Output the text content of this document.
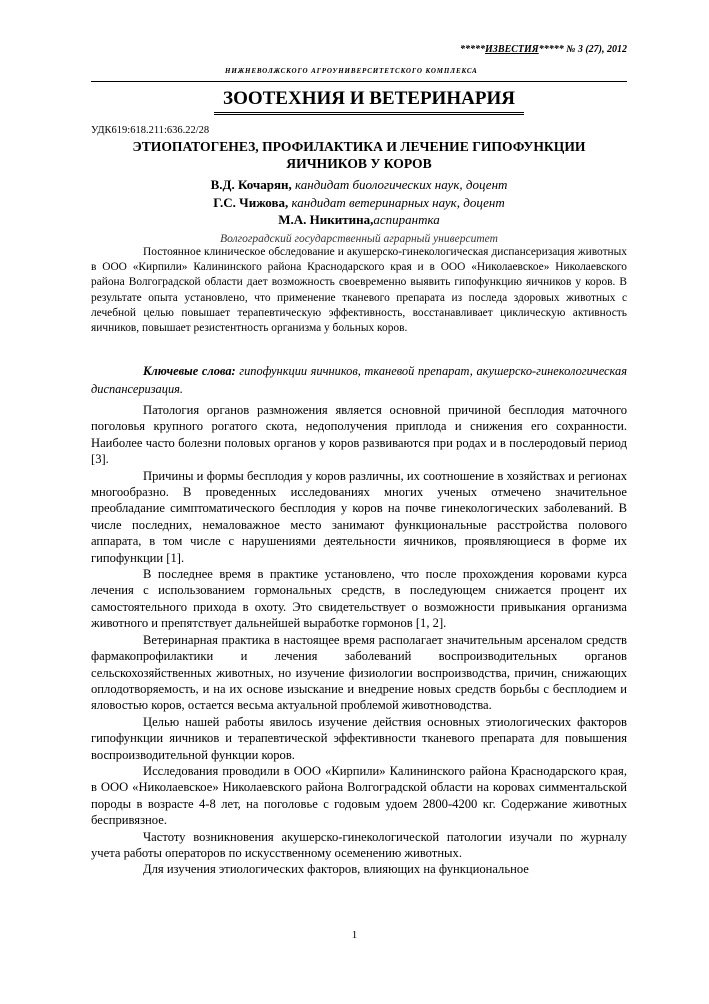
*****ИЗВЕСТИЯ***** № 3 (27), 2012
НИЖНЕВОЛЖСКОГО АГРОУНИВЕРСИТЕТСКОГО КОМПЛЕКСА
ЗООТЕХНИЯ И ВЕТЕРИНАРИЯ
УДК619:618.211:636.22/28
ЭТИОПАТОГЕНЕЗ, ПРОФИЛАКТИКА И ЛЕЧЕНИЕ ГИПОФУНКЦИИ
ЯИЧНИКОВ У КОРОВ
В.Д. Кочарян, кандидат биологических наук, доцент
Г.С. Чижова, кандидат ветеринарных наук, доцент
М.А. Никитина,аспирантка
Волгоградский государственный аграрный университет

Постоянное клиническое обследование и акушерско-гинекологическая диспансеризация животных в ООО «Кирпили» Калининского района Краснодарского края и в ООО «Николаевское» Николаевского района Волгоградской области дает возможность своевременно выявить гипофункцию яичников у коров. В результате опыта установлено, что применение тканевого препарата из последа здоровых животных с лечебной целью повышает терапевтическую эффективность, восстанавливает циклическую активность яичников, повышает резистентность организма у больных коров.

Ключевые слова: гипофункции яичников, тканевой препарат, акушерско-гинекологическая диспансеризация.

Патология органов размножения является основной причиной бесплодия маточного поголовья крупного рогатого скота, недополучения приплода и снижения его сохранности. Наиболее часто болезни половых органов у коров развиваются при родах и в послеродовый период [3].

Причины и формы бесплодия у коров различны, их соотношение в хозяйствах и регионах многообразно. В проведенных исследованиях многих ученых отмечено значительное преобладание симптоматического бесплодия у коров на почве гинекологических заболеваний. В числе последних, немаловажное место занимают функциональные расстройства полового аппарата, в том числе с нарушениями деятельности яичников, проявляющиеся в форме их гипофункции [1].

В последнее время в практике установлено, что после прохождения коровами курса лечения с использованием гормональных средств, в последующем снижается процент их самостоятельного прихода в охоту. Это свидетельствует о возможности привыкания организма животного и препятствует дальнейшей выработке гормонов [1, 2].

Ветеринарная практика в настоящее время располагает значительным арсеналом средств фармакопрофилактики и лечения заболеваний воспроизводительных органов сельскохозяйственных животных, но изучение физиологии воспроизводства, причин, снижающих оплодотворяемость, и на их основе изыскание и внедрение новых средств борьбы с бесплодием и яловостью коров, остается весьма актуальной проблемой животноводства.

Целью нашей работы явилось изучение действия основных этиологических факторов гипофункции яичников и терапевтической эффективности тканевого препарата для повышения воспроизводительной функции коров.

Исследования проводили в ООО «Кирпили» Калининского района Краснодарского края, в ООО «Николаевское» Николаевского района Волгоградской области на коровах симментальской породы в возрасте 4-8 лет, на поголовье с годовым удоем 2800-4200 кг. Содержание животных беспривязное.

Частоту возникновения акушерско-гинекологической патологии изучали по журналу учета работы операторов по искусственному осеменению животных.

Для изучения этиологических факторов, влияющих на функциональное

1
